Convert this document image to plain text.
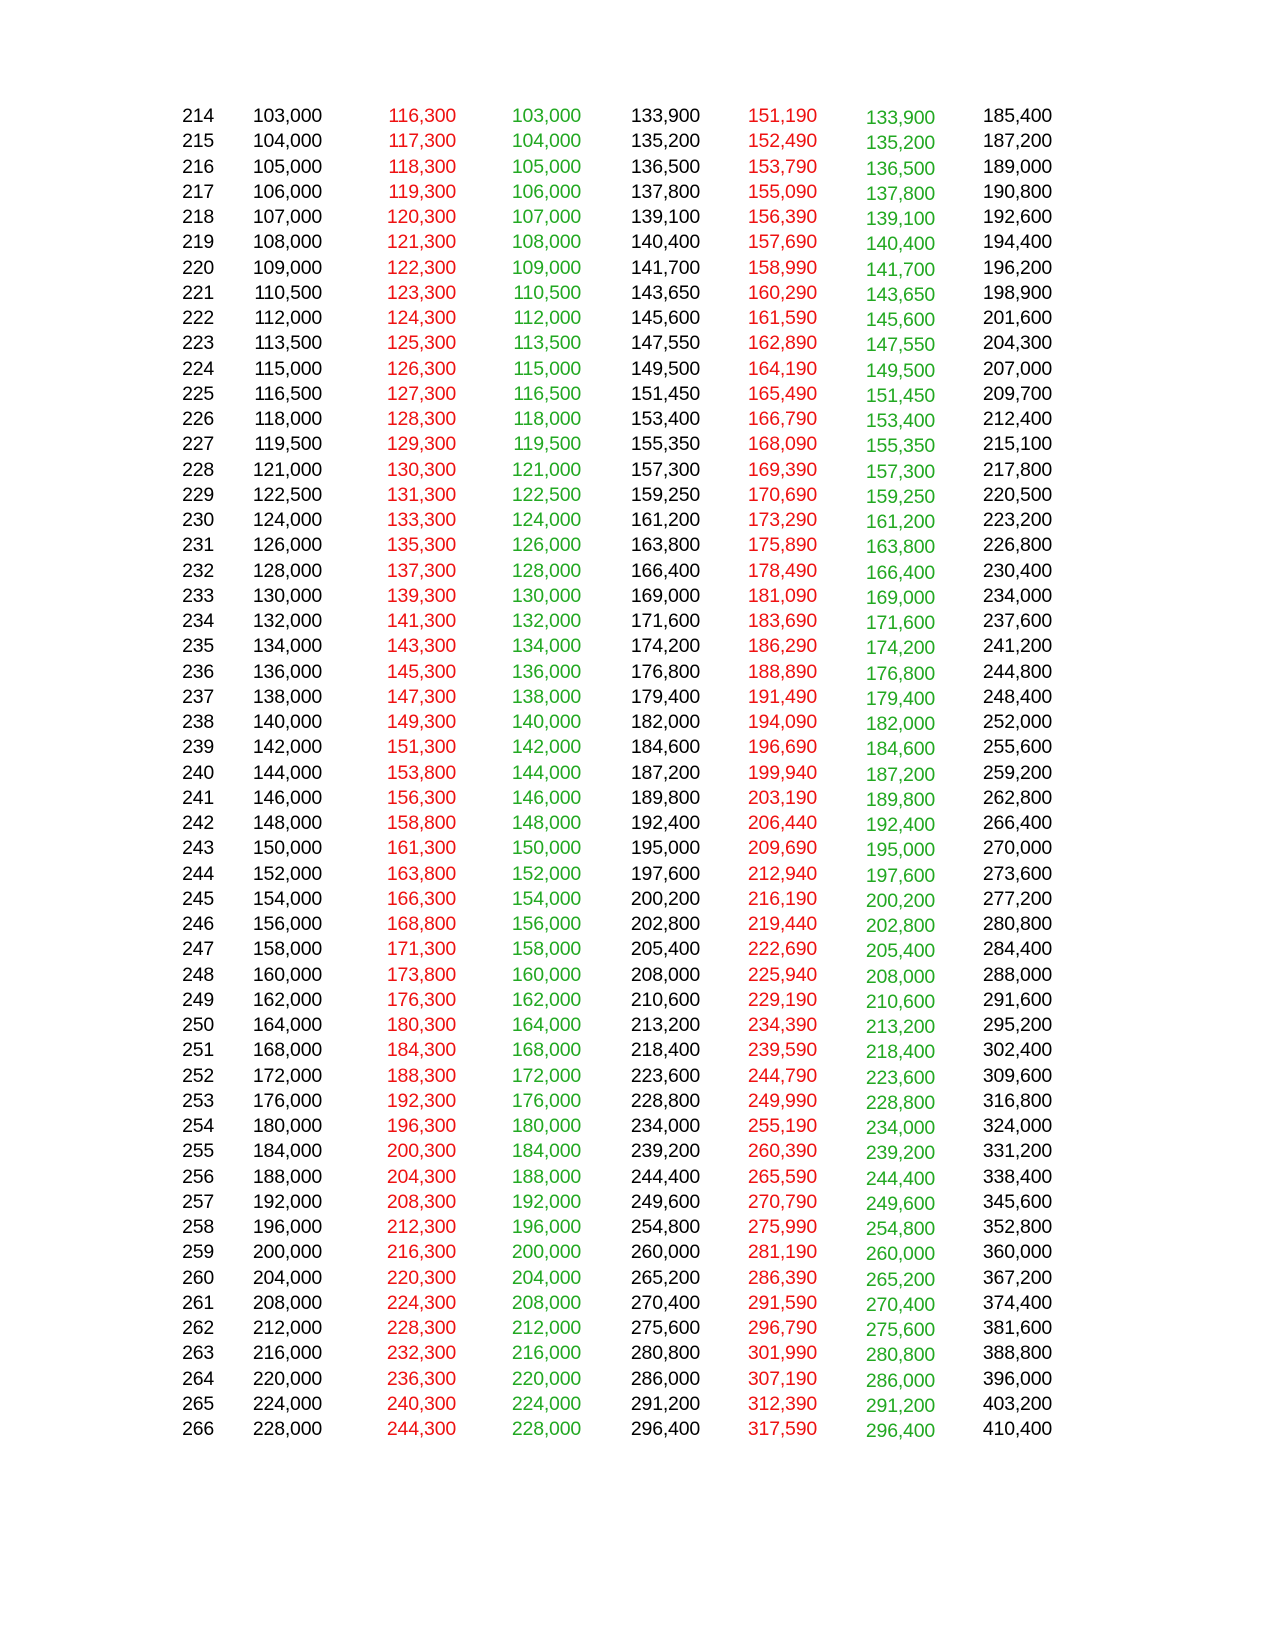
214	103,000	116,300	103,000	133,900	151,190	133,900	185,400
215	104,000	117,300	104,000	135,200	152,490	135,200	187,200
216	105,000	118,300	105,000	136,500	153,790	136,500	189,000
217	106,000	119,300	106,000	137,800	155,090	137,800	190,800
218	107,000	120,300	107,000	139,100	156,390	139,100	192,600
219	108,000	121,300	108,000	140,400	157,690	140,400	194,400
220	109,000	122,300	109,000	141,700	158,990	141,700	196,200
221	110,500	123,300	110,500	143,650	160,290	143,650	198,900
222	112,000	124,300	112,000	145,600	161,590	145,600	201,600
223	113,500	125,300	113,500	147,550	162,890	147,550	204,300
224	115,000	126,300	115,000	149,500	164,190	149,500	207,000
225	116,500	127,300	116,500	151,450	165,490	151,450	209,700
226	118,000	128,300	118,000	153,400	166,790	153,400	212,400
227	119,500	129,300	119,500	155,350	168,090	155,350	215,100
228	121,000	130,300	121,000	157,300	169,390	157,300	217,800
229	122,500	131,300	122,500	159,250	170,690	159,250	220,500
230	124,000	133,300	124,000	161,200	173,290	161,200	223,200
231	126,000	135,300	126,000	163,800	175,890	163,800	226,800
232	128,000	137,300	128,000	166,400	178,490	166,400	230,400
233	130,000	139,300	130,000	169,000	181,090	169,000	234,000
234	132,000	141,300	132,000	171,600	183,690	171,600	237,600
235	134,000	143,300	134,000	174,200	186,290	174,200	241,200
236	136,000	145,300	136,000	176,800	188,890	176,800	244,800
237	138,000	147,300	138,000	179,400	191,490	179,400	248,400
238	140,000	149,300	140,000	182,000	194,090	182,000	252,000
239	142,000	151,300	142,000	184,600	196,690	184,600	255,600
240	144,000	153,800	144,000	187,200	199,940	187,200	259,200
241	146,000	156,300	146,000	189,800	203,190	189,800	262,800
242	148,000	158,800	148,000	192,400	206,440	192,400	266,400
243	150,000	161,300	150,000	195,000	209,690	195,000	270,000
244	152,000	163,800	152,000	197,600	212,940	197,600	273,600
245	154,000	166,300	154,000	200,200	216,190	200,200	277,200
246	156,000	168,800	156,000	202,800	219,440	202,800	280,800
247	158,000	171,300	158,000	205,400	222,690	205,400	284,400
248	160,000	173,800	160,000	208,000	225,940	208,000	288,000
249	162,000	176,300	162,000	210,600	229,190	210,600	291,600
250	164,000	180,300	164,000	213,200	234,390	213,200	295,200
251	168,000	184,300	168,000	218,400	239,590	218,400	302,400
252	172,000	188,300	172,000	223,600	244,790	223,600	309,600
253	176,000	192,300	176,000	228,800	249,990	228,800	316,800
254	180,000	196,300	180,000	234,000	255,190	234,000	324,000
255	184,000	200,300	184,000	239,200	260,390	239,200	331,200
256	188,000	204,300	188,000	244,400	265,590	244,400	338,400
257	192,000	208,300	192,000	249,600	270,790	249,600	345,600
258	196,000	212,300	196,000	254,800	275,990	254,800	352,800
259	200,000	216,300	200,000	260,000	281,190	260,000	360,000
260	204,000	220,300	204,000	265,200	286,390	265,200	367,200
261	208,000	224,300	208,000	270,400	291,590	270,400	374,400
262	212,000	228,300	212,000	275,600	296,790	275,600	381,600
263	216,000	232,300	216,000	280,800	301,990	280,800	388,800
264	220,000	236,300	220,000	286,000	307,190	286,000	396,000
265	224,000	240,300	224,000	291,200	312,390	291,200	403,200
266	228,000	244,300	228,000	296,400	317,590	296,400	410,400
